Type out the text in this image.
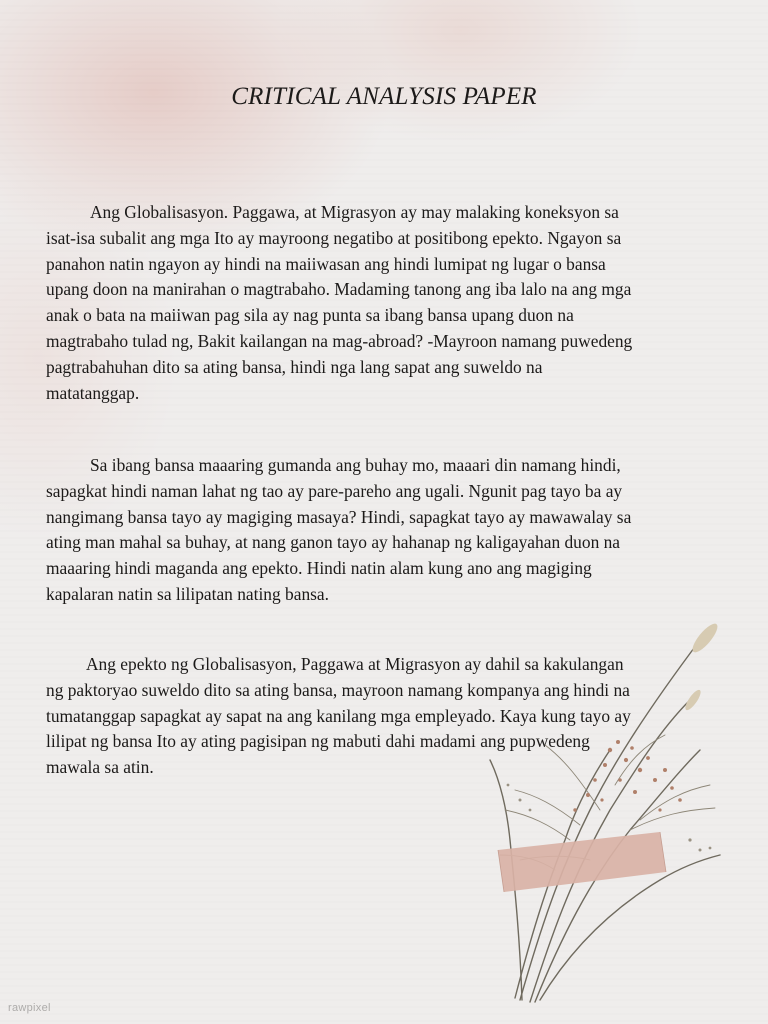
CRITICAL ANALYSIS PAPER

Ang Globalisasyon. Paggawa, at Migrasyon ay may malaking koneksyon sa
isat-isa subalit ang mga Ito ay mayroong negatibo at positibong epekto. Ngayon sa
panahon natin ngayon ay hindi na maiiwasan ang hindi lumipat ng lugar o bansa
upang doon na manirahan o magtrabaho. Madaming tanong ang iba lalo na ang mga
anak o bata na maiiwan pag sila ay nag punta sa ibang bansa upang duon na
magtrabaho tulad ng, Bakit kailangan na mag-abroad? -Mayroon namang puwedeng
pagtrabahuhan dito sa ating bansa, hindi nga lang sapat ang suweldo na
matatanggap.

Sa ibang bansa maaaring gumanda ang buhay mo, maaari din namang hindi,
sapagkat hindi naman lahat ng tao ay pare-pareho ang ugali. Ngunit pag tayo ba ay
nangimang bansa tayo ay magiging masaya? Hindi, sapagkat tayo ay mawawalay sa
ating man mahal sa buhay, at nang ganon tayo ay hahanap ng kaligayahan duon na
maaaring hindi maganda ang epekto. Hindi natin alam kung ano ang magiging
kapalaran natin sa lilipatan nating bansa.

Ang epekto ng Globalisasyon, Paggawa at Migrasyon ay dahil sa kakulangan
ng paktoryao suweldo dito sa ating bansa, mayroon namang kompanya ang hindi na
tumatanggap sapagkat ay sapat na ang kanilang mga empleyado. Kaya kung tayo ay
lilipat ng bansa Ito ay ating pagisipan ng mabuti dahi madami ang pupwedeng
mawala sa atin.

rawpixel
